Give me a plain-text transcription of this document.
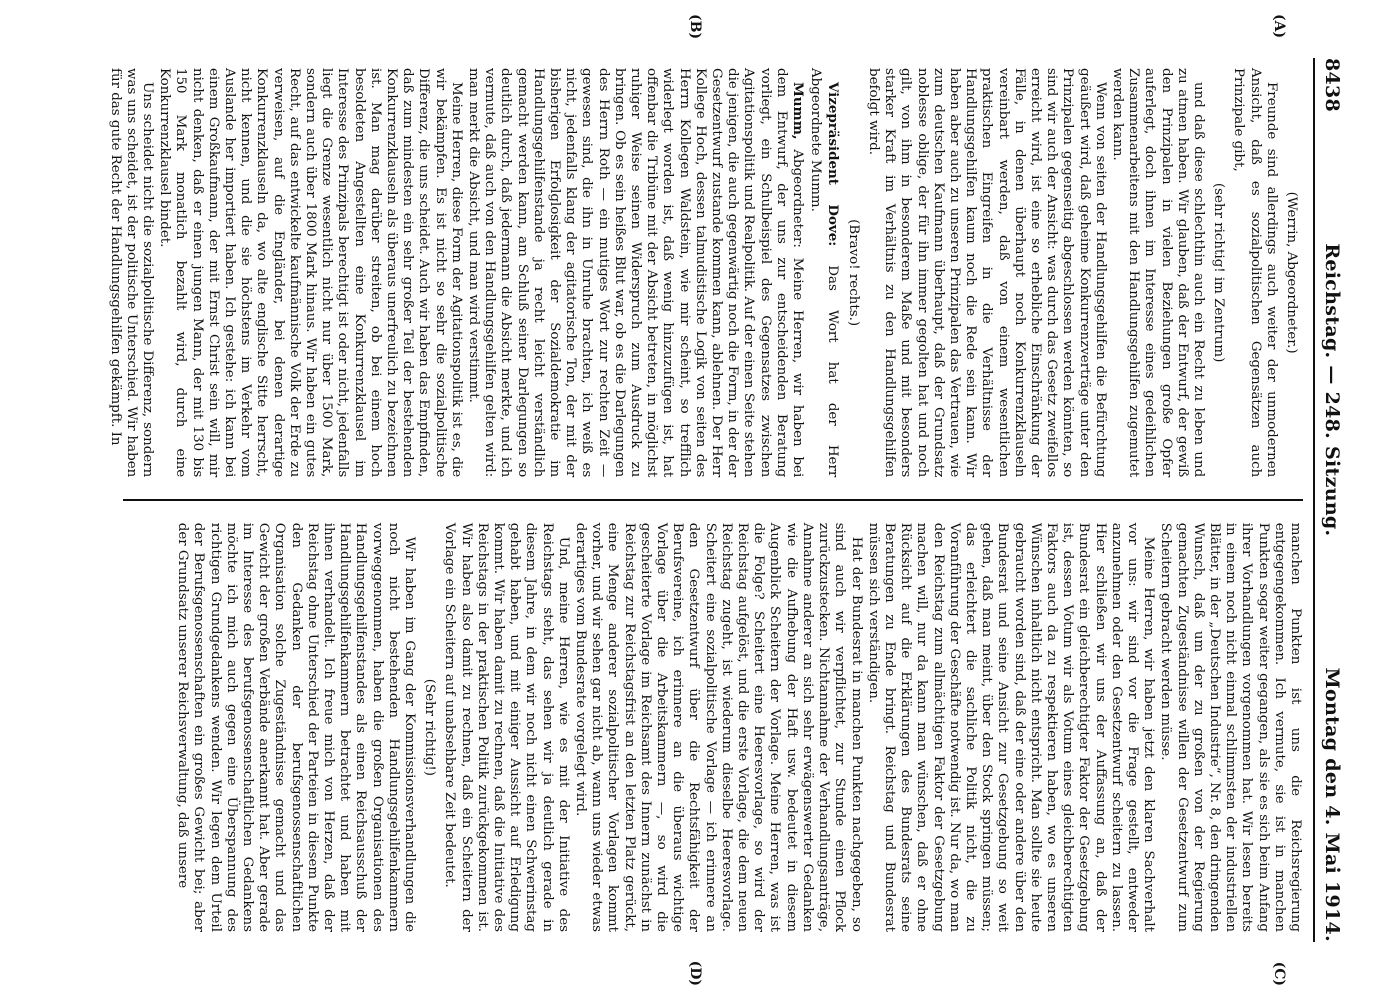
8438
Reichstag. — 248. Sitzung.
Montag den 4. Mai 1914.
(A)
(B)

(Werrin, Abgeordneter.)

Freunde sind allerdings auch weiter der unmodernen Ansicht, daß es sozialpolitischen Gegensätzen auch Prinzipale gibt,

(sehr richtig! im Zentrum)

und daß diese schlechthin auch ein Recht zu leben und zu atmen haben. Wir glauben, daß der Entwurf, der gewiß den Prinzipalen in vielen Beziehungen große Opfer auferlegt, doch ihnen im Interesse eines gedeihlichen Zusammenarbeitens mit den Handlungsgehilfen zugemutet werden kann.

Wenn von seiten der Handlungsgehilfen die Befürchtung geäußert wird, daß geheime Konkurrenzverträge unter den Prinzipalen gegenseitig abgeschlossen werden könnten, so sind wir auch der Ansicht: was durch das Gesetz zweifellos erreicht wird, ist eine so erhebliche Einschränkung der Fälle, in denen überhaupt noch Konkurrenzklauseln vereinbart werden, daß von einem wesentlichen praktischen Eingreifen in die Verhältnisse der Handlungsgehilfen kaum noch die Rede sein kann. Wir haben aber auch zu unseren Prinzipalen das Vertrauen, wie zum deutschen Kaufmann überhaupt, daß der Grundsatz noblesse oblige, der für ihn immer gegolten hat und noch gilt, von ihm in besonderem Maße und mit besonders starker Kraft im Verhältnis zu den Handlungsgehilfen befolgt wird.

(Bravo! rechts.)

Vizepräsident Dove: Das Wort hat der Herr Abgeordnete Mumm.

Mumm, Abgeordneter: Meine Herren, wir haben bei dem Entwurf, der uns zur entscheidenden Beratung vorliegt, ein Schulbeispiel des Gegensatzes zwischen Agitationspolitik und Realpolitik. Auf der einen Seite stehen die jenigen, die auch gegenwärtig noch die Form, in der der Gesetzentwurf zustande kommen kann, ablehnen. Der Herr Kollege Hoch, dessen talmudistische Logik von seiten des Herrn Kollegen Waldstein, wie mir scheint, so trefflich widerlegt worden ist, daß wenig hinzuzufügen ist, hat offenbar die Tribüne mit der Absicht betreten, in möglichst ruhiger Weise seinen Widerspruch zum Ausdruck zu bringen. Ob es sein heißes Blut war, ob es die Darlegungen des Herrn Roth — ein mutiges Wort zur rechten Zeit — gewesen sind, die ihn in Unruhe brachten, ich weiß es nicht, jedenfalls klang der agitatorische Ton, der mit der bisherigen Erfolglosigkeit der Sozialdemokratie im Handlungsgehilfenstande ja recht leicht verständlich gemacht werden kann, am Schluß seiner Darlegungen so deutlich durch, daß jedermann die Absicht merkte, und ich vermute, daß auch von den Handlungsgehilfen gelten wird: man merkt die Absicht, und man wird verstimmt.

Meine Herren, diese Form der Agitationspolitik ist es, die wir bekämpfen. Es ist nicht so sehr die sozialpolitische Differenz, die uns scheidet. Auch wir haben das Empfinden, daß zum mindesten ein sehr großer Teil der bestehenden Konkurrenzklauseln als überaus unerfreulich zu bezeichnen ist. Man mag darüber streiten, ob bei einem hoch besoldeten Angestellten eine Konkurrenzklausel im Interesse des Prinzipals berechtigt ist oder nicht, jedenfalls liegt die Grenze wesentlich nicht nur über 1500 Mark, sondern auch über 1800 Mark hinaus. Wir haben ein gutes Recht, auf das entwickelte kaufmännische Volk der Erde zu verweisen, auf die Engländer, bei denen derartige Konkurrenzklauseln da, wo alte englische Sitte herrscht, nicht kennen, und die sie höchstens im Verkehr vom Auslande her importiert haben. Ich gestehe: ich kann bei einem Großkaufmann, der mit Ernst Christ sein will, mir nicht denken, daß er einen jungen Mann, der mit 130 bis 150 Mark monatlich bezahlt wird, durch eine Konkurrenzklausel bindet.

Uns scheidet nicht die sozialpolitische Differenz, sondern was uns scheidet, ist der politische Unterschied. Wir haben für das gute Recht der Handlungsgehilfen gekämpft. In

(C)
(D)

manchen Punkten ist uns die Reichsregierung entgegengekommen. Ich vermute, sie ist in manchen Punkten sogar weiter gegangen, als sie es sich beim Anfang ihrer Vorhandlungen vorgenommen hat. Wir lesen bereits in einem noch nicht einmal schlimmsten der industriellen Blätter, in der „Deutschen Industrie“, Nr. 8, den dringenden Wunsch, daß um der zu großen von der Regierung gemachten Zugeständnisse willen der Gesetzentwurf zum Scheitern gebracht werden müsse.

Meine Herren, wir haben jetzt den klaren Sachverhalt vor uns: wir sind vor die Frage gestellt, entweder anzunehmen oder den Gesetzentwurf scheitern zu lassen. Hier schließen wir uns der Auffassung an, daß der Bundesrat ein gleichberechtigter Faktor der Gesetzgebung ist, dessen Votum wir als Votum eines gleichberechtigten Faktors auch da zu respektieren haben, wo es unseren Wünschen inhaltlich nicht entspricht. Man sollte sie heute gebraucht worden sind, daß der eine oder andere über den Bundesrat und seine Ansicht zur Gesetzgebung so weit gehen, daß man meint, über den Stock springen müssen; das erleichtert die sachliche Politik nicht, die zu Voranführung der Geschäfte notwendig ist. Nur da, wo man den Reichstag zum allmächtigen Faktor der Gesetzgebung machen will, nur da kann man wünschen, daß er ohne Rücksicht auf die Erklärungen des Bundesrats seine Beratungen zu Ende bringt. Reichstag und Bundesrat müssen sich verständigen.

Hat der Bundesrat in manchen Punkten nachgegeben, so sind auch wir verpflichtet, zur Stunde einen Pflock zurückzustecken. Nichtannahme der Verhandlungsanträge, Annahme anderer an sich sehr erwägenswerter Gedanken wie die Aufhebung der Haft usw. bedeutet in diesem Augenblick Scheitern der Vorlage. Meine Herren, was ist die Folge? Scheitert eine Heeresvorlage, so wird der Reichstag aufgelöst, und die erste Vorlage, die dem neuen Reichstag zugeht, ist wiederum dieselbe Heeresvorlage. Scheitert eine sozialpolitische Vorlage — ich erinnere an den Gesetzentwurf über die Rechtsfähigkeit der Berufsvereine, ich erinnere an die überaus wichtige Vorlage über die Arbeitskammern —, so wird die gescheiterte Vorlage im Reichsamt des Innern zunächst in Reichstag zur Reichstagsfrist an den letzten Platz gerückt, eine Menge anderer sozialpolitischer Vorlagen kommt vorher, und wir sehen gar nicht ab, wann uns wieder etwas derartiges vom Bundesrate vorgelegt wird.

Und, meine Herren, wie es mit der Initiative des Reichstags steht, das sehen wir ja deutlich gerade in diesem Jahre, in dem wir noch nicht einen Schwerinstag gehabt haben, und mit einiger Aussicht auf Erledigung kommt. Wir haben damit zu rechnen, daß die Initiative des Reichstags in der praktischen Politik zurückgekommen ist. Wir haben also damit zu rechnen, daß ein Scheitern der Vorlage ein Scheitern auf unabsehbare Zeit bedeutet.

(Sehr richtig!)

Wir haben im Gang der Kommissionsverhandlungen die noch nicht bestehenden Handlungsgehilfenkammern vorweggenommen, haben die großen Organisationen des Handlungsgehilfenstandes als einen Reichsausschuß der Handlungsgehilfenkammern betrachtet und haben mit ihnen verhandelt. Ich freue mich von Herzen, daß der Reichstag ohne Unterschied der Parteien in diesem Punkte den Gedanken der berufsgenossenschaftlichen Organisation solche Zugeständnisse gemacht und das Gewicht der großen Verbände anerkannt hat. Aber gerade im Interesse des berufsgenossenschaftlichen Gedankens möchte ich mich auch gegen eine Überspannung des richtigen Grundgedankens wenden. Wir legen dem Urteil der Berufsgenossenschaften ein großes Gewicht bei; aber der Grundsatz unserer Reichsverwaltung, daß unsere
